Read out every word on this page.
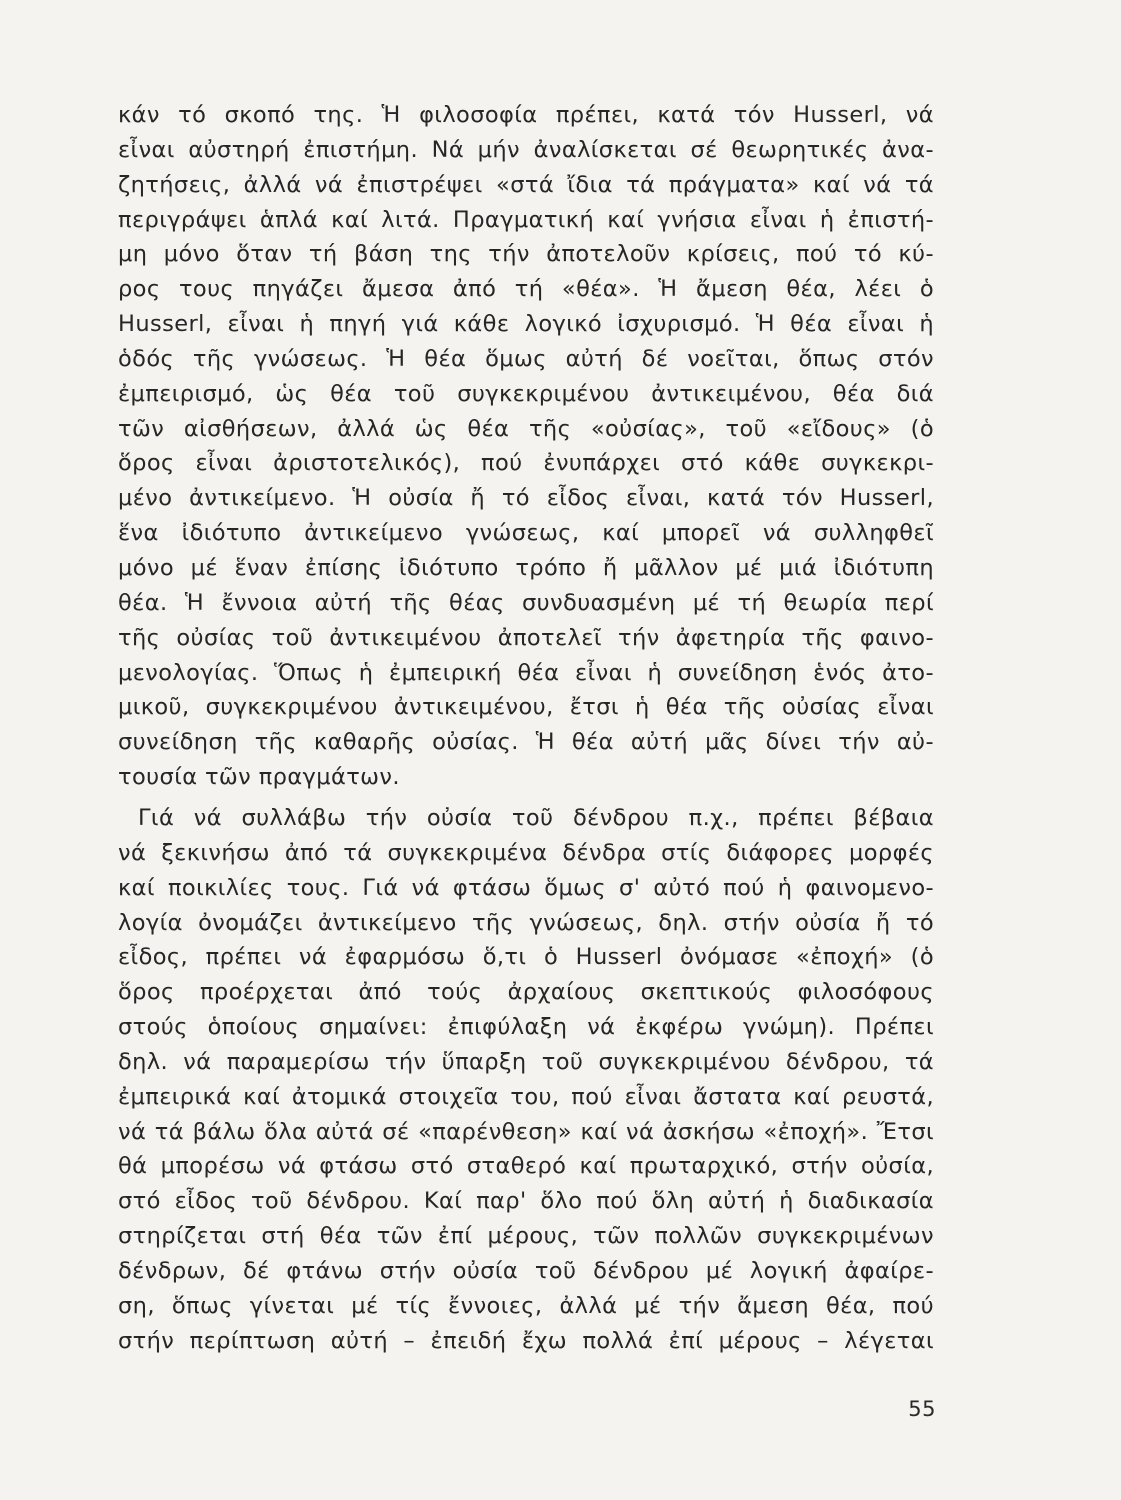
κάν τό σκοπό της. Ἡ φιλοσοφία πρέπει, κατά τόν Husserl, νά
εἶναι αὐστηρή ἐπιστήμη. Νά μήν ἀναλίσκεται σέ θεωρητικές ἀνα-
ζητήσεις, ἀλλά νά ἐπιστρέψει «στά ἴδια τά πράγματα» καί νά τά
περιγράψει ἁπλά καί λιτά. Πραγματική καί γνήσια εἶναι ἡ ἐπιστή-
μη μόνο ὅταν τή βάση της τήν ἀποτελοῦν κρίσεις, πού τό κύ-
ρος τους πηγάζει ἄμεσα ἀπό τή «θέα». Ἡ ἄμεση θέα, λέει ὁ
Husserl, εἶναι ἡ πηγή γιά κάθε λογικό ἰσχυρισμό. Ἡ θέα εἶναι ἡ
ὁδός τῆς γνώσεως. Ἡ θέα ὅμως αὐτή δέ νοεῖται, ὅπως στόν
ἐμπειρισμό, ὡς θέα τοῦ συγκεκριμένου ἀντικειμένου, θέα διά
τῶν αἰσθήσεων, ἀλλά ὡς θέα τῆς «οὐσίας», τοῦ «εἴδους» (ὁ
ὅρος εἶναι ἀριστοτελικός), πού ἐνυπάρχει στό κάθε συγκεκρι-
μένο ἀντικείμενο. Ἡ οὐσία ἤ τό εἶδος εἶναι, κατά τόν Husserl,
ἕνα ἰδιότυπο ἀντικείμενο γνώσεως, καί μπορεῖ νά συλληφθεῖ
μόνο μέ ἕναν ἐπίσης ἰδιότυπο τρόπο ἤ μᾶλλον μέ μιά ἰδιότυπη
θέα. Ἡ ἔννοια αὐτή τῆς θέας συνδυασμένη μέ τή θεωρία περί
τῆς οὐσίας τοῦ ἀντικειμένου ἀποτελεῖ τήν ἀφετηρία τῆς φαινο-
μενολογίας. Ὅπως ἡ ἐμπειρική θέα εἶναι ἡ συνείδηση ἑνός ἀτο-
μικοῦ, συγκεκριμένου ἀντικειμένου, ἔτσι ἡ θέα τῆς οὐσίας εἶναι
συνείδηση τῆς καθαρῆς οὐσίας. Ἡ θέα αὐτή μᾶς δίνει τήν αὐ-
τουσία τῶν πραγμάτων.
Γιά νά συλλάβω τήν οὐσία τοῦ δένδρου π.χ., πρέπει βέβαια
νά ξεκινήσω ἀπό τά συγκεκριμένα δένδρα στίς διάφορες μορφές
καί ποικιλίες τους. Γιά νά φτάσω ὅμως σ' αὐτό πού ἡ φαινομενο-
λογία ὀνομάζει ἀντικείμενο τῆς γνώσεως, δηλ. στήν οὐσία ἤ τό
εἶδος, πρέπει νά ἐφαρμόσω ὅ,τι ὁ Husserl ὀνόμασε «ἐποχή» (ὁ
ὅρος προέρχεται ἀπό τούς ἀρχαίους σκεπτικούς φιλοσόφους
στούς ὁποίους σημαίνει: ἐπιφύλαξη νά ἐκφέρω γνώμη). Πρέπει
δηλ. νά παραμερίσω τήν ὕπαρξη τοῦ συγκεκριμένου δένδρου, τά
ἐμπειρικά καί ἀτομικά στοιχεῖα του, πού εἶναι ἄστατα καί ρευστά,
νά τά βάλω ὅλα αὐτά σέ «παρένθεση» καί νά ἀσκήσω «ἐποχή». Ἔτσι
θά μπορέσω νά φτάσω στό σταθερό καί πρωταρχικό, στήν οὐσία,
στό εἶδος τοῦ δένδρου. Καί παρ' ὅλο πού ὅλη αὐτή ἡ διαδικασία
στηρίζεται στή θέα τῶν ἐπί μέρους, τῶν πολλῶν συγκεκριμένων
δένδρων, δέ φτάνω στήν οὐσία τοῦ δένδρου μέ λογική ἀφαίρε-
ση, ὅπως γίνεται μέ τίς ἔννοιες, ἀλλά μέ τήν ἄμεση θέα, πού
στήν περίπτωση αὐτή – ἐπειδή ἔχω πολλά ἐπί μέρους – λέγεται
55
